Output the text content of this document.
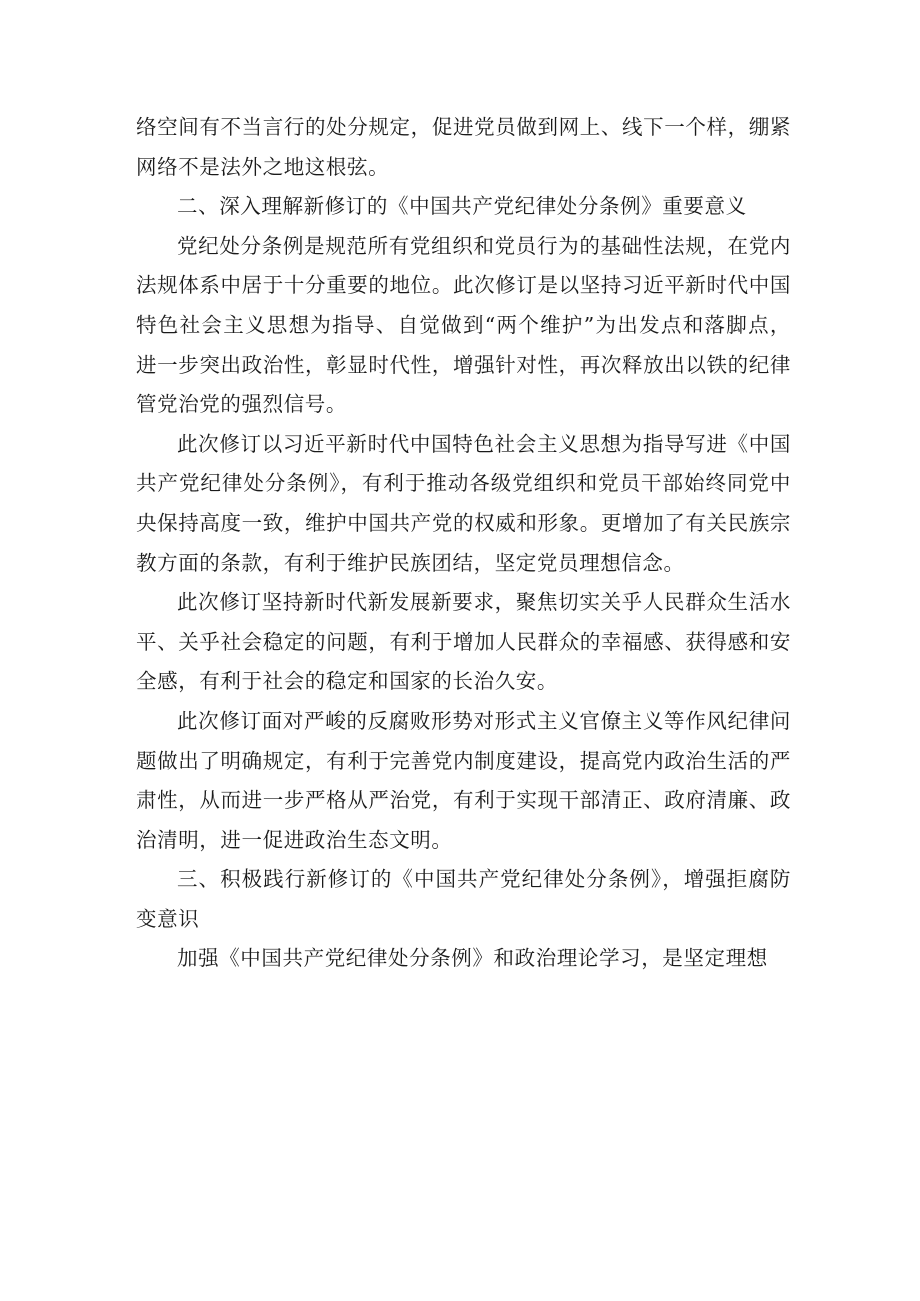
络空间有不当言行的处分规定，促进党员做到网上、线下一个样，绷紧网络不是法外之地这根弦。

二、深入理解新修订的《中国共产党纪律处分条例》重要意义

党纪处分条例是规范所有党组织和党员行为的基础性法规，在党内法规体系中居于十分重要的地位。此次修订是以坚持习近平新时代中国特色社会主义思想为指导、自觉做到“两个维护”为出发点和落脚点，进一步突出政治性，彰显时代性，增强针对性，再次释放出以铁的纪律管党治党的强烈信号。

此次修订以习近平新时代中国特色社会主义思想为指导写进《中国共产党纪律处分条例》，有利于推动各级党组织和党员干部始终同党中央保持高度一致，维护中国共产党的权威和形象。更增加了有关民族宗教方面的条款，有利于维护民族团结，坚定党员理想信念。

此次修订坚持新时代新发展新要求，聚焦切实关乎人民群众生活水平、关乎社会稳定的问题，有利于增加人民群众的幸福感、获得感和安全感，有利于社会的稳定和国家的长治久安。

此次修订面对严峻的反腐败形势对形式主义官僚主义等作风纪律问题做出了明确规定，有利于完善党内制度建设，提高党内政治生活的严肃性，从而进一步严格从严治党，有利于实现干部清正、政府清廉、政治清明，进一促进政治生态文明。

三、积极践行新修订的《中国共产党纪律处分条例》，增强拒腐防变意识

加强《中国共产党纪律处分条例》和政治理论学习，是坚定理想
